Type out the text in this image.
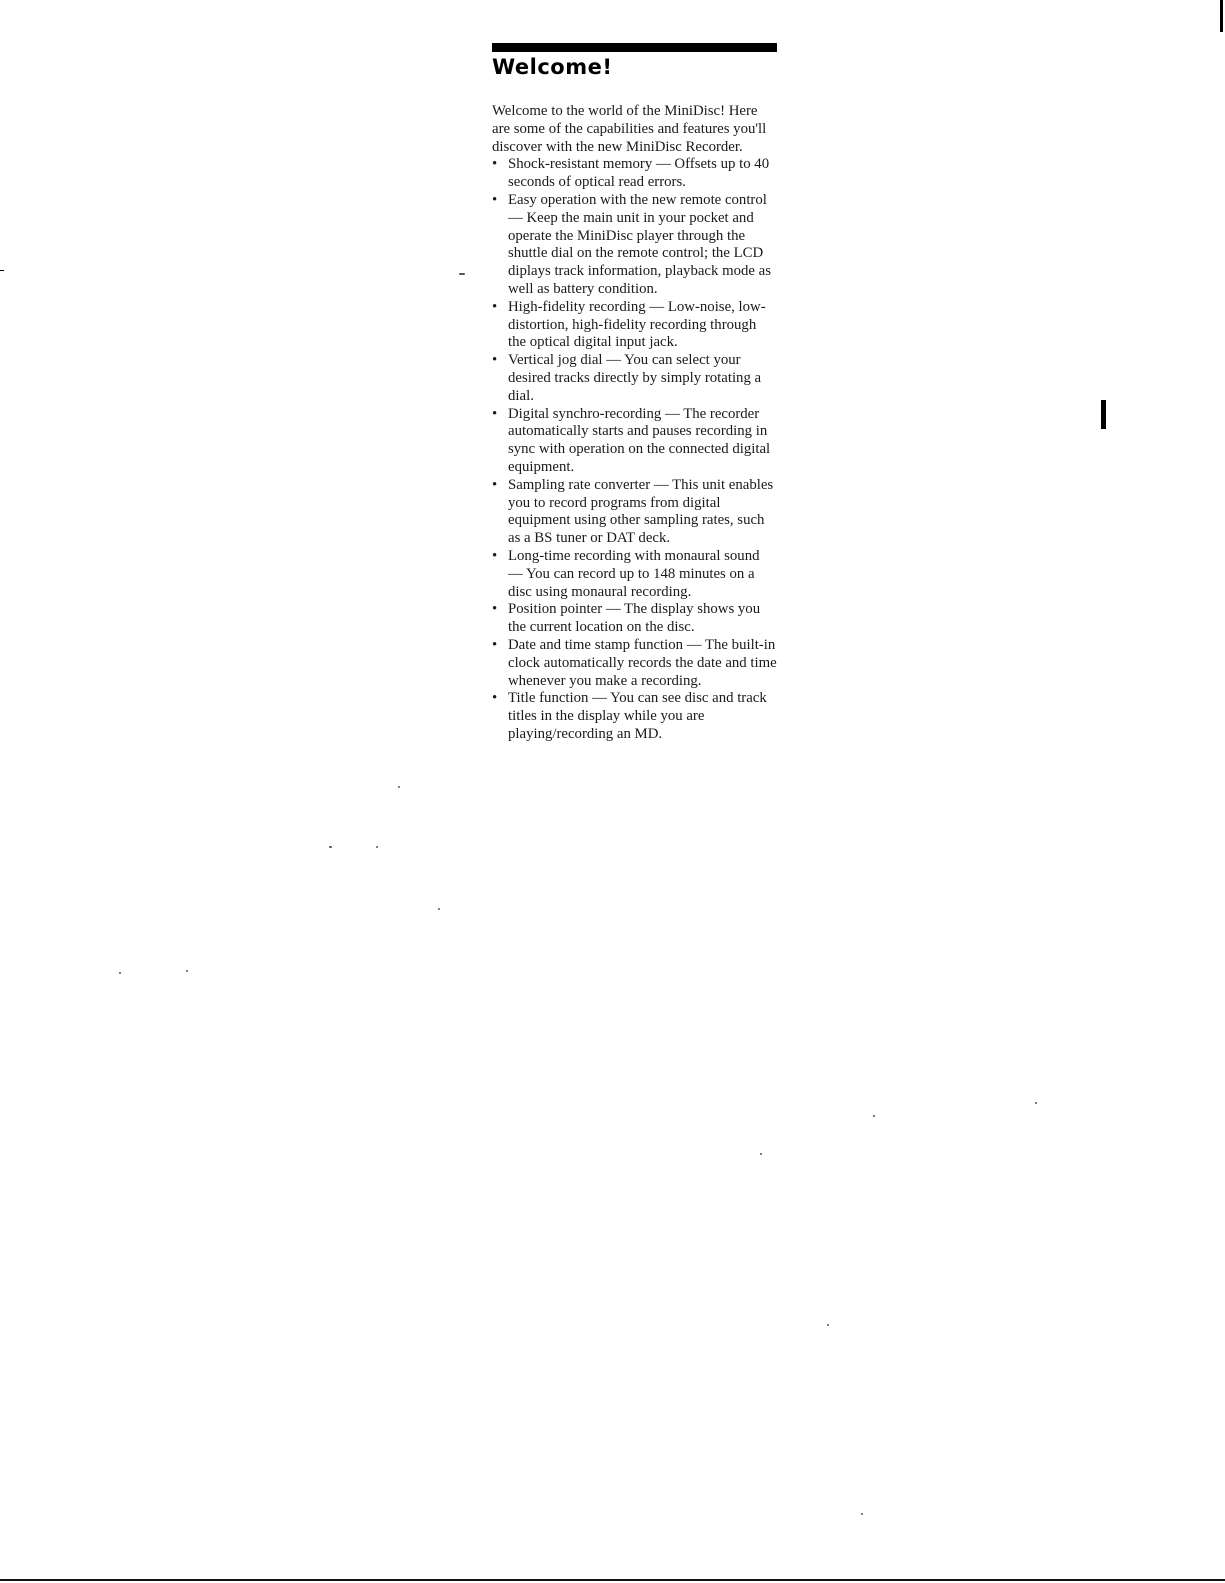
Welcome!

Welcome to the world of the MiniDisc! Here are some of the capabilities and features you'll discover with the new MiniDisc Recorder.

• Shock-resistant memory — Offsets up to 40 seconds of optical read errors.
• Easy operation with the new remote control — Keep the main unit in your pocket and operate the MiniDisc player through the shuttle dial on the remote control; the LCD diplays track information, playback mode as well as battery condition.
• High-fidelity recording — Low-noise, low-distortion, high-fidelity recording through the optical digital input jack.
• Vertical jog dial — You can select your desired tracks directly by simply rotating a dial.
• Digital synchro-recording — The recorder automatically starts and pauses recording in sync with operation on the connected digital equipment.
• Sampling rate converter — This unit enables you to record programs from digital equipment using other sampling rates, such as a BS tuner or DAT deck.
• Long-time recording with monaural sound — You can record up to 148 minutes on a disc using monaural recording.
• Position pointer — The display shows you the current location on the disc.
• Date and time stamp function — The built-in clock automatically records the date and time whenever you make a recording.
• Title function — You can see disc and track titles in the display while you are playing/recording an MD.
